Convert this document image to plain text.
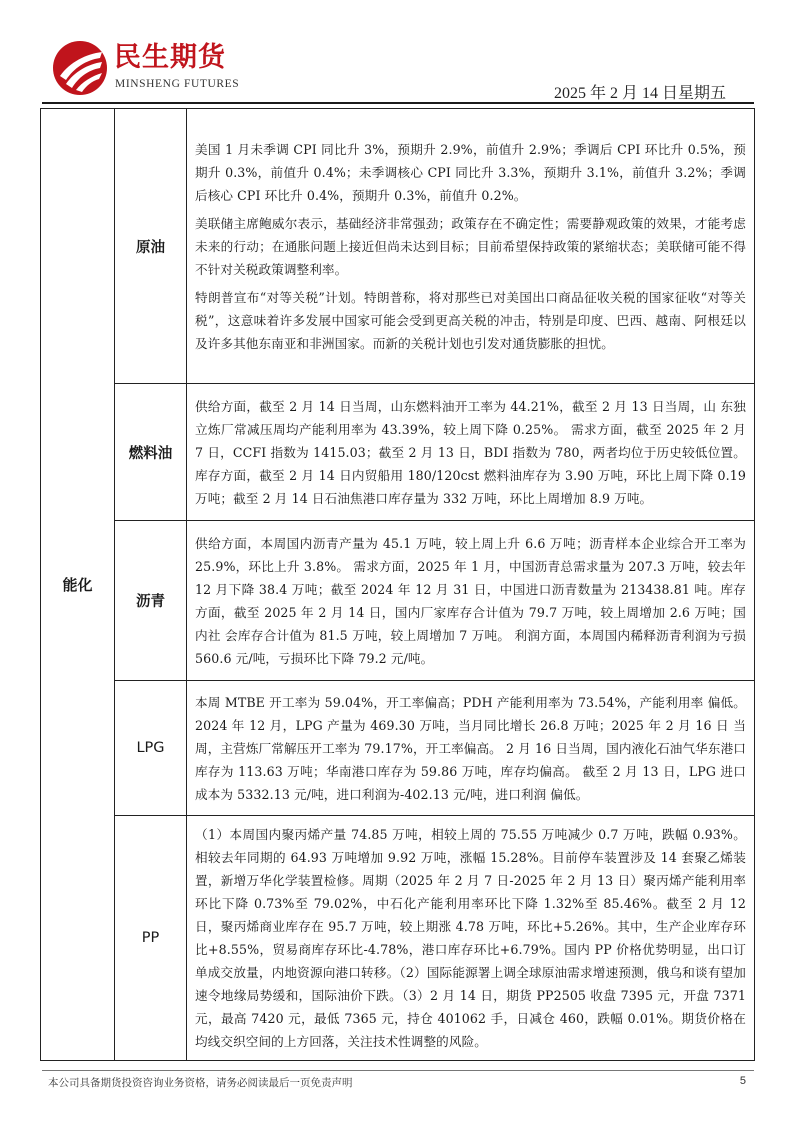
民生期货
MINSHENG FUTURES
2025 年 2 月 14 日星期五
能化	原油	美国 1 月未季调 CPI 同比升 3%，预期升 2.9%，前值升 2.9%；季调后 CPI 环比升 0.5%，预期升 0.3%，前值升 0.4%；未季调核心 CPI 同比升 3.3%，预期升 3.1%，前值升 3.2%；季调后核心 CPI 环比升 0.4%，预期升 0.3%，前值升 0.2%。

美联储主席鲍威尔表示，基础经济非常强劲；政策存在不确定性；需要静观政策的效果，才能考虑未来的行动；在通胀问题上接近但尚未达到目标；目前希望保持政策的紧缩状态；美联储可能不得不针对关税政策调整利率。

特朗普宣布“对等关税”计划。特朗普称，将对那些已对美国出口商品征收关税的国家征收“对等关税”，这意味着许多发展中国家可能会受到更高关税的冲击，特别是印度、巴西、越南、阿根廷以及许多其他东南亚和非洲国家。而新的关税计划也引发对通货膨胀的担忧。

	燃料油	供给方面，截至 2 月 14 日当周，山东燃料油开工率为 44.21%，截至 2 月 13 日当周，山 东独立炼厂常减压周均产能利用率为 43.39%，较上周下降 0.25%。 需求方面，截至 2025 年 2 月 7 日，CCFI 指数为 1415.03；截至 2 月 13 日，BDI 指数为 780，两者均位于历史较低位置。 库存方面，截至 2 月 14 日内贸船用 180/120cst 燃料油库存为 3.90 万吨，环比上周下降 0.19 万吨；截至 2 月 14 日石油焦港口库存量为 332 万吨，环比上周增加 8.9 万吨。

	沥青	供给方面，本周国内沥青产量为 45.1 万吨，较上周上升 6.6 万吨；沥青样本企业综合开工率为 25.9%，环比上升 3.8%。 需求方面，2025 年 1 月，中国沥青总需求量为 207.3 万吨，较去年 12 月下降 38.4 万吨；截至 2024 年 12 月 31 日，中国进口沥青数量为 213438.81 吨。库存方面，截至 2025 年 2 月 14 日，国内厂家库存合计值为 79.7 万吨，较上周增加 2.6 万吨；国内社 会库存合计值为 81.5 万吨，较上周增加 7 万吨。 利润方面，本周国内稀释沥青利润为亏损 560.6 元/吨，亏损环比下降 79.2 元/吨。

	LPG	本周 MTBE 开工率为 59.04%，开工率偏高；PDH 产能利用率为 73.54%，产能利用率 偏低。 2024 年 12 月，LPG 产量为 469.30 万吨，当月同比增长 26.8 万吨；2025 年 2 月 16 日 当周，主营炼厂常解压开工率为 79.17%，开工率偏高。 2 月 16 日当周，国内液化石油气华东港口库存为 113.63 万吨；华南港口库存为 59.86 万吨，库存均偏高。 截至 2 月 13 日，LPG 进口成本为 5332.13 元/吨，进口利润为-402.13 元/吨，进口利润 偏低。

	PP	（1）本周国内聚丙烯产量 74.85 万吨，相较上周的 75.55 万吨减少 0.7 万吨，跌幅 0.93%。相较去年同期的 64.93 万吨增加 9.92 万吨，涨幅 15.28%。目前停车装置涉及 14 套聚乙烯装置，新增万华化学装置检修。周期（2025 年 2 月 7 日-2025 年 2 月 13 日）聚丙烯产能利用率环比下降 0.73%至 79.02%，中石化产能利用率环比下降 1.32%至 85.46%。截至 2 月 12 日，聚丙烯商业库存在 95.7 万吨，较上期涨 4.78 万吨，环比+5.26%。其中，生产企业库存环比+8.55%，贸易商库存环比-4.78%，港口库存环比+6.79%。国内 PP 价格优势明显，出口订单成交放量，内地资源向港口转移。（2）国际能源署上调全球原油需求增速预测，俄乌和谈有望加速令地缘局势缓和，国际油价下跌。（3）2 月 14 日，期货 PP2505 收盘 7395 元，开盘 7371 元，最高 7420 元，最低 7365 元，持仓 401062 手，日减仓 460，跌幅 0.01%。期货价格在均线交织空间的上方回落，关注技术性调整的风险。

本公司具备期货投资咨询业务资格，请务必阅读最后一页免责声明	5
